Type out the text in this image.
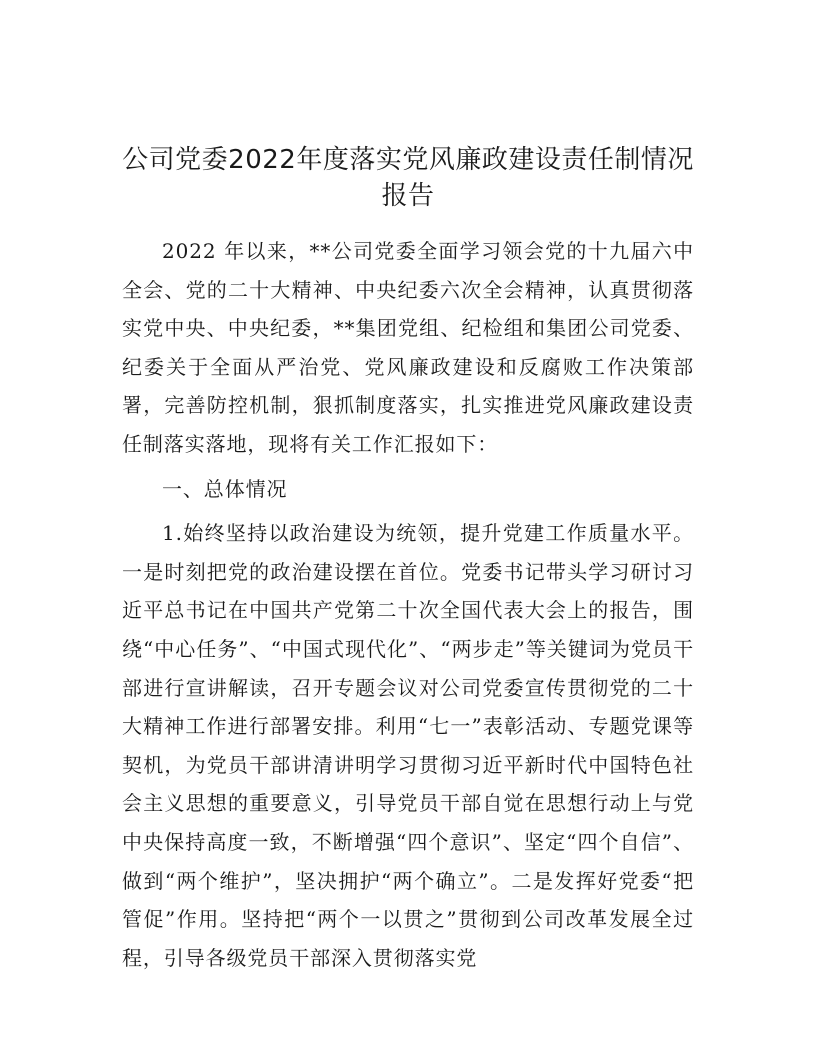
公司党委2022年度落实党风廉政建设责任制情况报告

2022 年以来，**公司党委全面学习领会党的十九届六中全会、党的二十大精神、中央纪委六次全会精神，认真贯彻落实党中央、中央纪委，**集团党组、纪检组和集团公司党委、纪委关于全面从严治党、党风廉政建设和反腐败工作决策部署，完善防控机制，狠抓制度落实，扎实推进党风廉政建设责任制落实落地，现将有关工作汇报如下：

一、总体情况

1.始终坚持以政治建设为统领，提升党建工作质量水平。一是时刻把党的政治建设摆在首位。党委书记带头学习研讨习近平总书记在中国共产党第二十次全国代表大会上的报告，围绕“中心任务”、“中国式现代化”、“两步走”等关键词为党员干部进行宣讲解读，召开专题会议对公司党委宣传贯彻党的二十大精神工作进行部署安排。利用“七一”表彰活动、专题党课等契机，为党员干部讲清讲明学习贯彻习近平新时代中国特色社会主义思想的重要意义，引导党员干部自觉在思想行动上与党中央保持高度一致，不断增强“四个意识”、坚定“四个自信”、做到“两个维护”，坚决拥护“两个确立”。二是发挥好党委“把管促”作用。坚持把“两个一以贯之”贯彻到公司改革发展全过程，引导各级党员干部深入贯彻落实党
